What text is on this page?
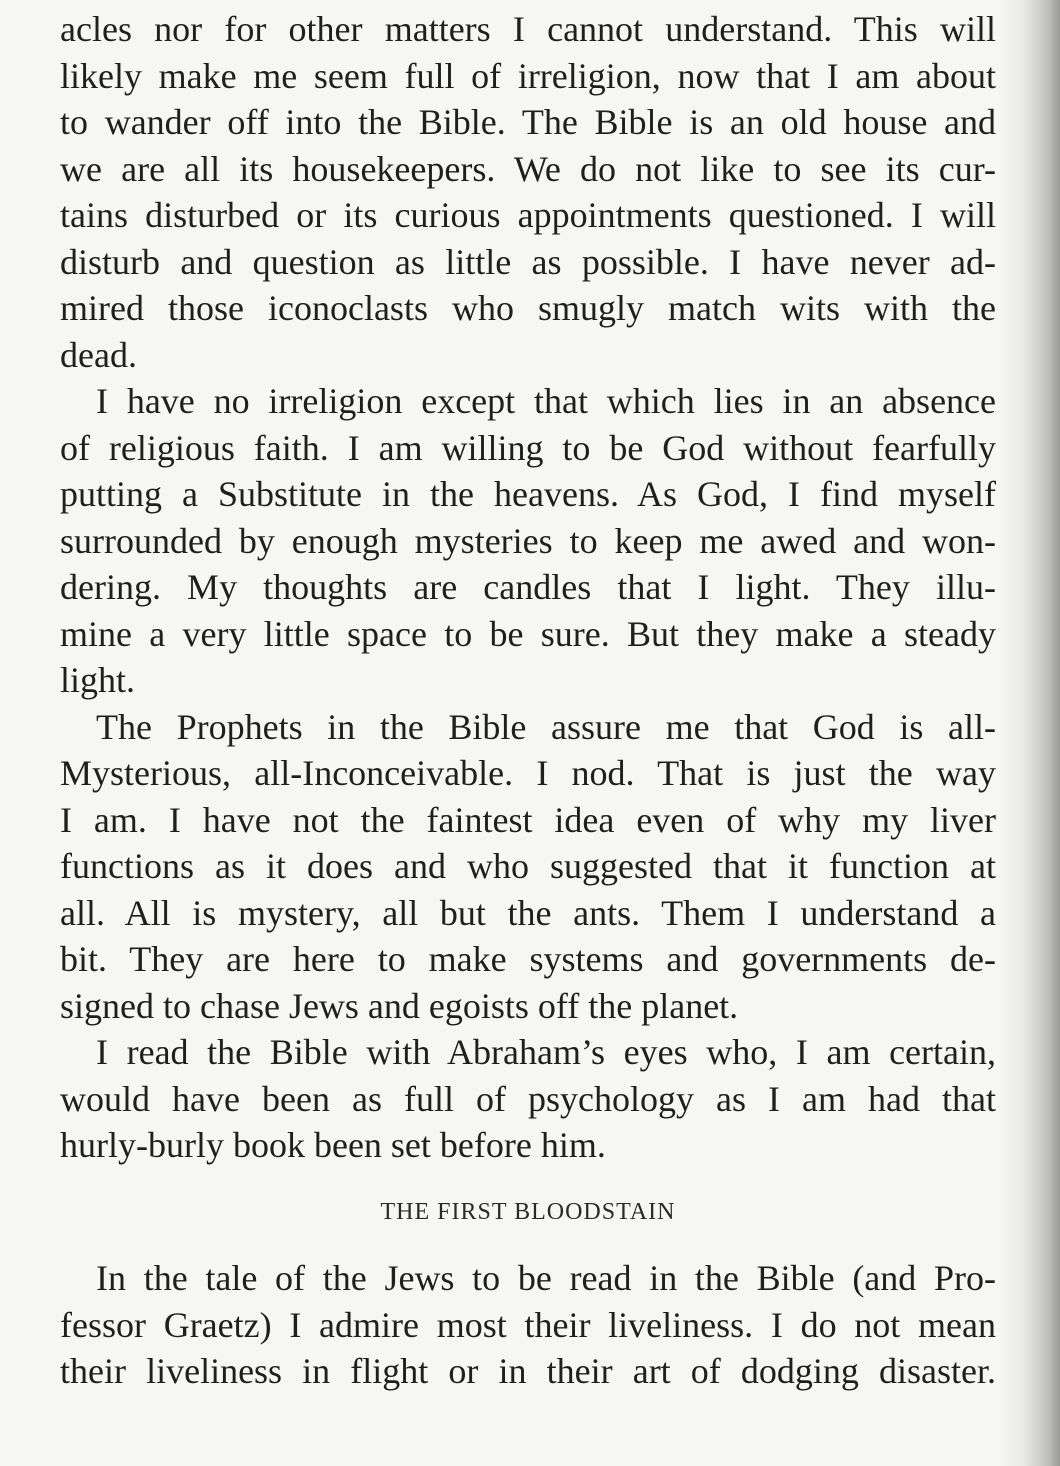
acles nor for other matters I cannot understand. This will
likely make me seem full of irreligion, now that I am about
to wander off into the Bible. The Bible is an old house and
we are all its housekeepers. We do not like to see its cur-
tains disturbed or its curious appointments questioned. I will
disturb and question as little as possible. I have never ad-
mired those iconoclasts who smugly match wits with the
dead.
I have no irreligion except that which lies in an absence
of religious faith. I am willing to be God without fearfully
putting a Substitute in the heavens. As God, I find myself
surrounded by enough mysteries to keep me awed and won-
dering. My thoughts are candles that I light. They illu-
mine a very little space to be sure. But they make a steady
light.
The Prophets in the Bible assure me that God is all-
Mysterious, all-Inconceivable. I nod. That is just the way
I am. I have not the faintest idea even of why my liver
functions as it does and who suggested that it function at
all. All is mystery, all but the ants. Them I understand a
bit. They are here to make systems and governments de-
signed to chase Jews and egoists off the planet.
I read the Bible with Abraham’s eyes who, I am certain,
would have been as full of psychology as I am had that
hurly-burly book been set before him.
THE FIRST BLOODSTAIN
In the tale of the Jews to be read in the Bible (and Pro-
fessor Graetz) I admire most their liveliness. I do not mean
their liveliness in flight or in their art of dodging disaster.
